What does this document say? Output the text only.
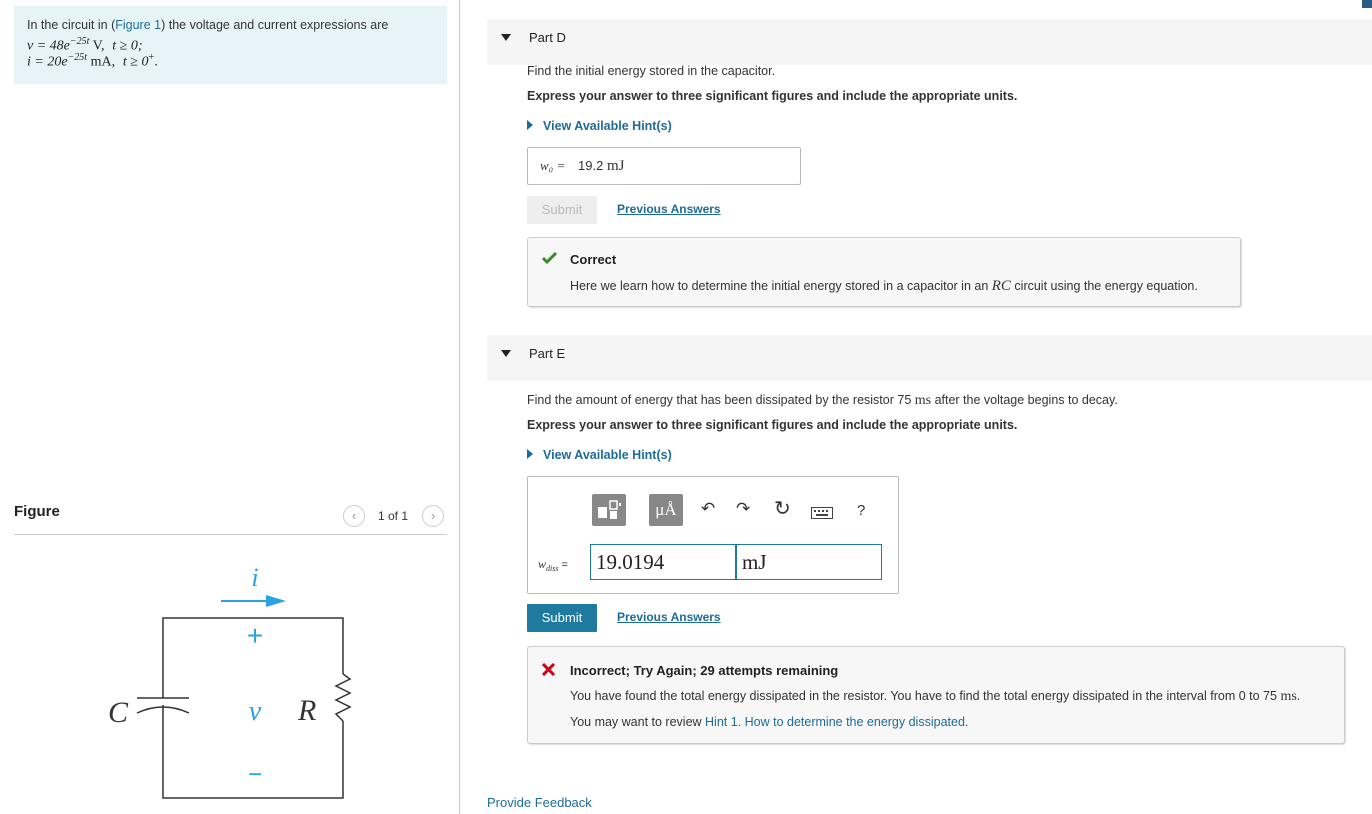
In the circuit in (Figure 1) the voltage and current expressions are
$v = 48e^{-25t}$ V, t ≥ 0;
$i = 20e^{-25t}$ mA, t ≥ 0+.
Figure	‹	1 of 1	›
i
C	R
+
v
−
Part D
Find the initial energy stored in the capacitor.
Express your answer to three significant figures and include the appropriate units.
View Available Hint(s)
w₀ = 19.2 mJ
Submit	Previous Answers
Correct
Here we learn how to determine the initial energy stored in a capacitor in an RC circuit using the energy equation.
Part E
Find the amount of energy that has been dissipated by the resistor 75 ms after the voltage begins to decay.
Express your answer to three significant figures and include the appropriate units.
View Available Hint(s)
μÅ	↶ ↷ ↻	?
$w_{diss} = 19.0194$	mJ
Submit	Previous Answers
Incorrect; Try Again; 29 attempts remaining
You have found the total energy dissipated in the resistor. You have to find the total energy dissipated in the interval from 0 to 75 ms.
You may want to review Hint 1. How to determine the energy dissipated.
Provide Feedback
